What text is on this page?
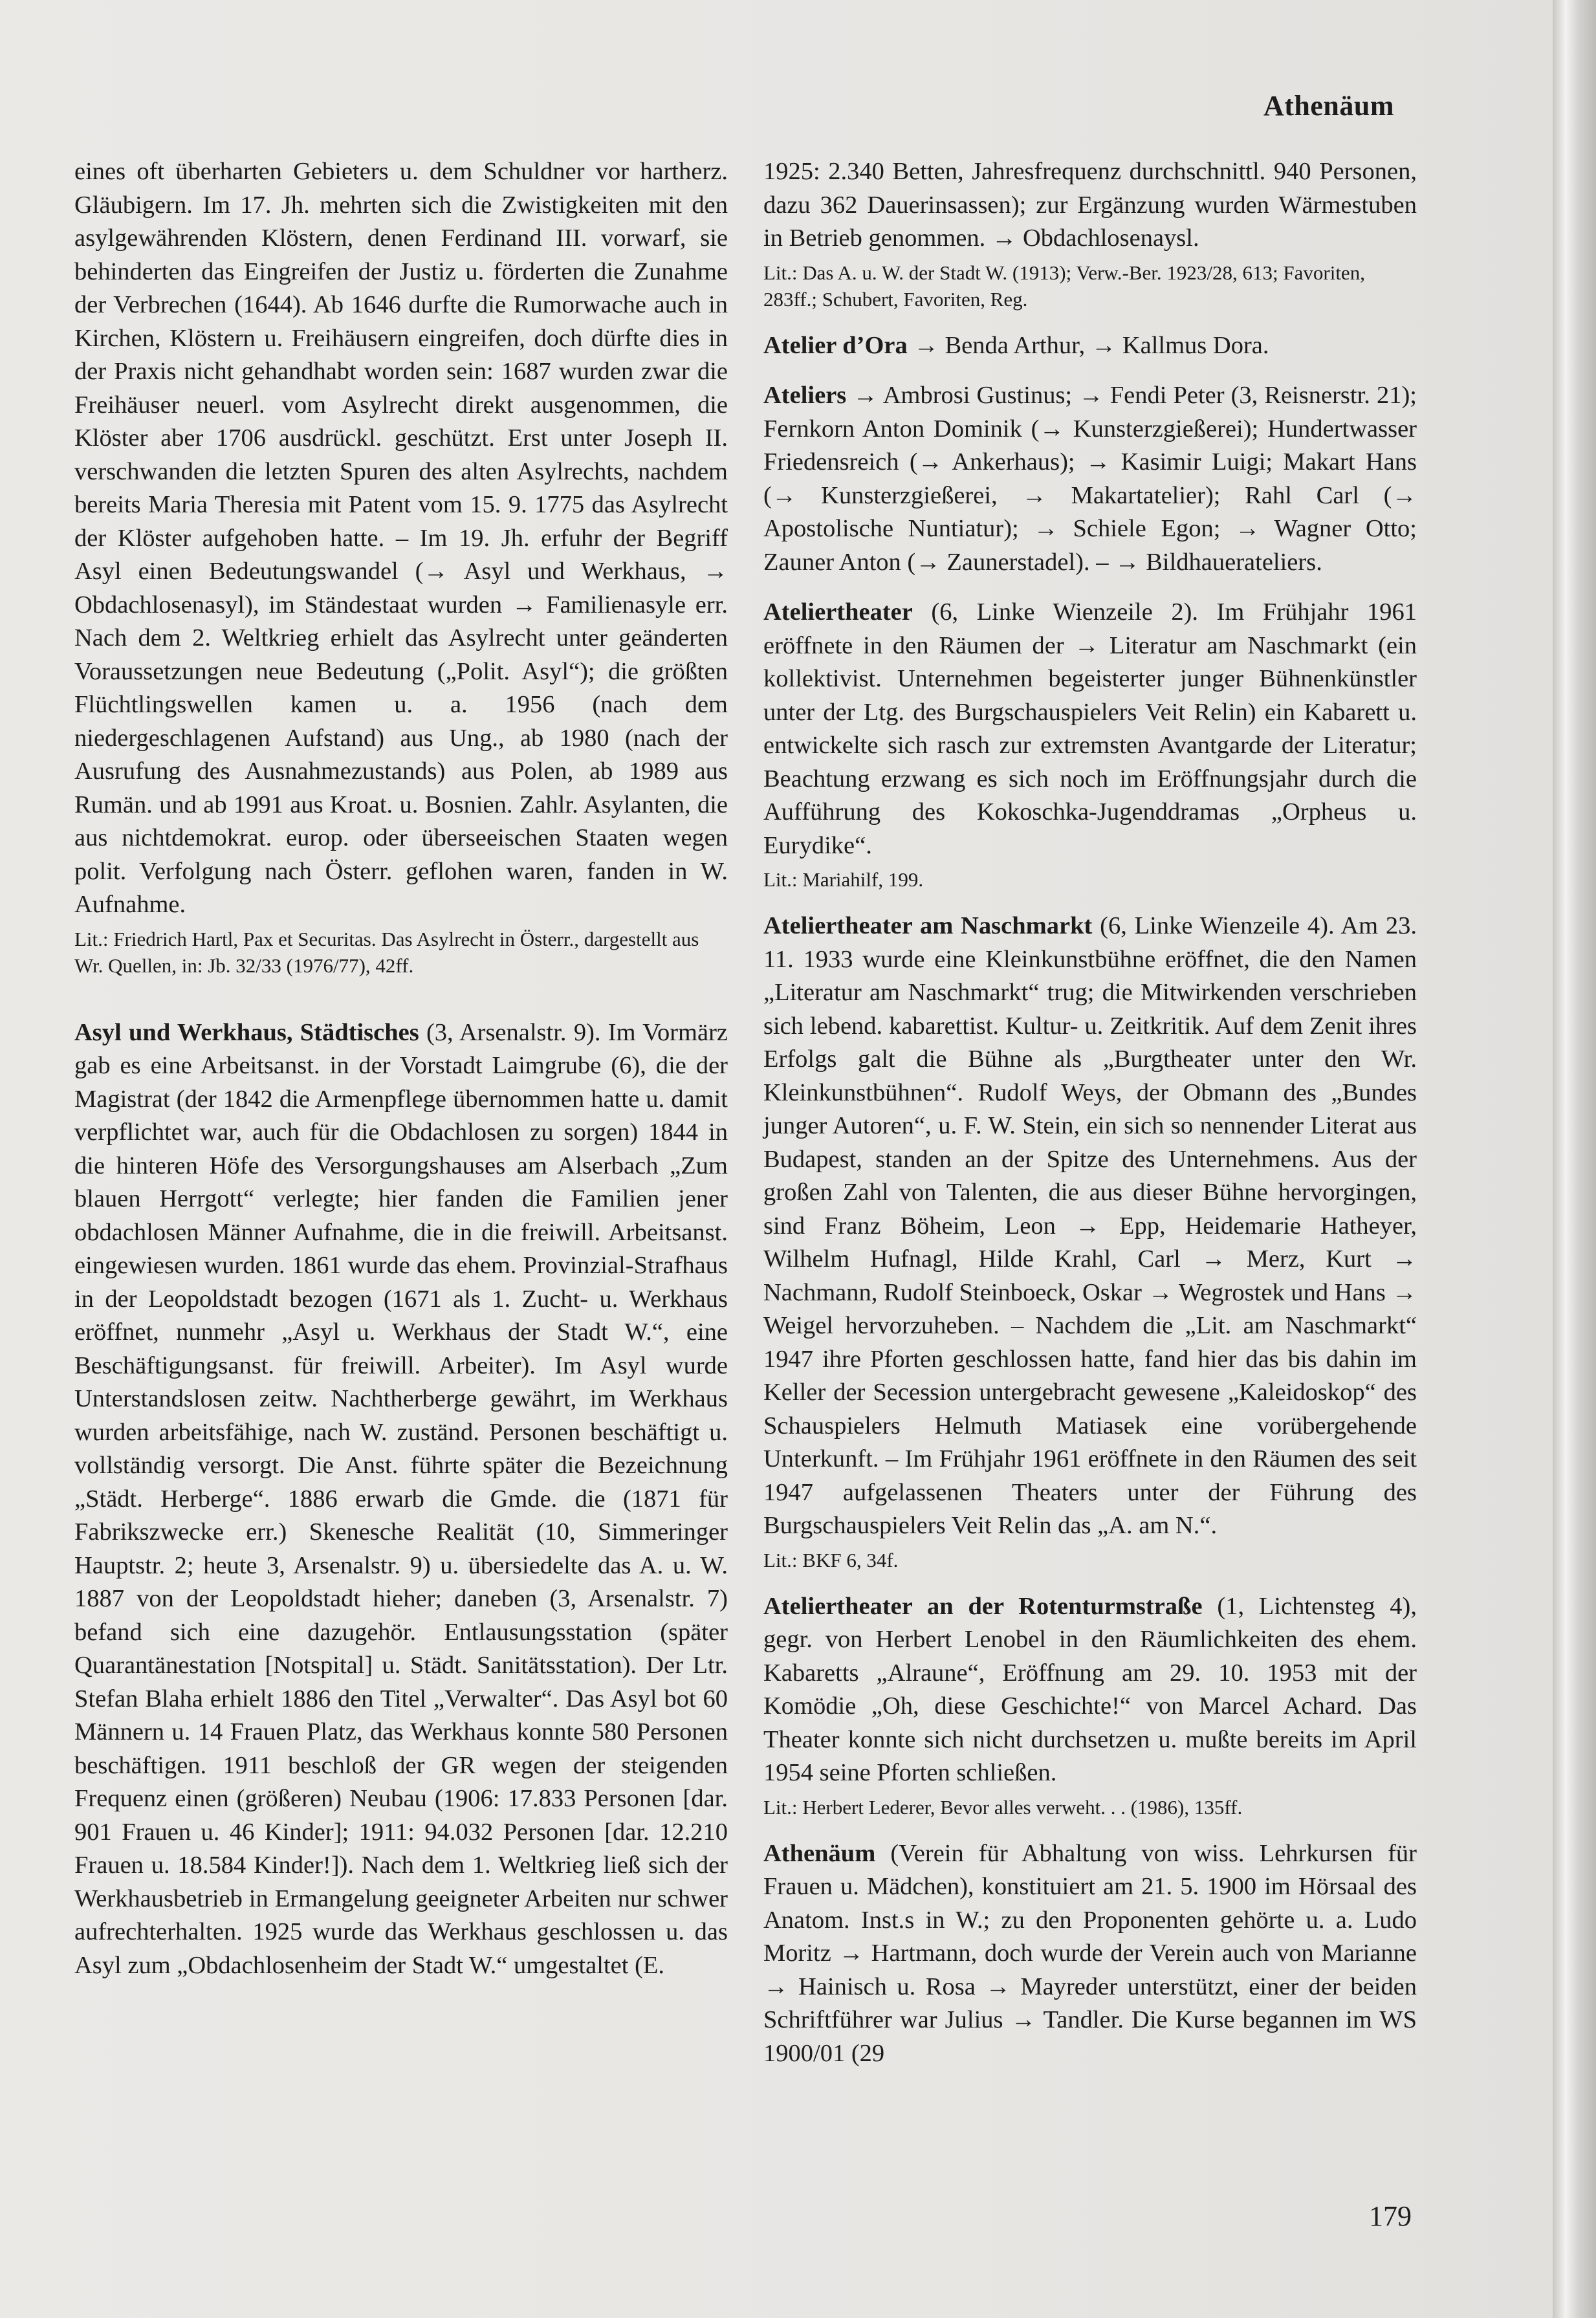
Athenäum

eines oft überharten Gebieters u. dem Schuldner vor hartherz. Gläubigern. Im 17. Jh. mehrten sich die Zwistigkeiten mit den asylgewährenden Klöstern, denen Ferdinand III. vorwarf, sie behinderten das Eingreifen der Justiz u. förderten die Zunahme der Verbrechen (1644). Ab 1646 durfte die Rumorwache auch in Kirchen, Klöstern u. Freihäusern eingreifen, doch dürfte dies in der Praxis nicht gehandhabt worden sein: 1687 wurden zwar die Freihäuser neuerl. vom Asylrecht direkt ausgenommen, die Klöster aber 1706 ausdrückl. geschützt. Erst unter Joseph II. verschwanden die letzten Spuren des alten Asylrechts, nachdem bereits Maria Theresia mit Patent vom 15. 9. 1775 das Asylrecht der Klöster aufgehoben hatte. – Im 19. Jh. erfuhr der Begriff Asyl einen Bedeutungswandel (→ Asyl und Werkhaus, → Obdachlosenasyl), im Ständestaat wurden → Familienasyle err. Nach dem 2. Weltkrieg erhielt das Asylrecht unter geänderten Voraussetzungen neue Bedeutung („Polit. Asyl“); die größten Flüchtlingswellen kamen u. a. 1956 (nach dem niedergeschlagenen Aufstand) aus Ung., ab 1980 (nach der Ausrufung des Ausnahmezustands) aus Polen, ab 1989 aus Rumän. und ab 1991 aus Kroat. u. Bosnien. Zahlr. Asylanten, die aus nichtdemokrat. europ. oder überseeischen Staaten wegen polit. Verfolgung nach Österr. geflohen waren, fanden in W. Aufnahme.

Lit.: Friedrich Hartl, Pax et Securitas. Das Asylrecht in Österr., dargestellt aus Wr. Quellen, in: Jb. 32/33 (1976/77), 42ff.

Asyl und Werkhaus, Städtisches (3, Arsenalstr. 9). Im Vormärz gab es eine Arbeitsanst. in der Vorstadt Laimgrube (6), die der Magistrat (der 1842 die Armenpflege übernommen hatte u. damit verpflichtet war, auch für die Obdachlosen zu sorgen) 1844 in die hinteren Höfe des Versorgungshauses am Alserbach „Zum blauen Herrgott“ verlegte; hier fanden die Familien jener obdachlosen Männer Aufnahme, die in die freiwill. Arbeitsanst. eingewiesen wurden. 1861 wurde das ehem. Provinzial-Strafhaus in der Leopoldstadt bezogen (1671 als 1. Zucht- u. Werkhaus eröffnet, nunmehr „Asyl u. Werkhaus der Stadt W.“, eine Beschäftigungsanst. für freiwill. Arbeiter). Im Asyl wurde Unterstandslosen zeitw. Nachtherberge gewährt, im Werkhaus wurden arbeitsfähige, nach W. zuständ. Personen beschäftigt u. vollständig versorgt. Die Anst. führte später die Bezeichnung „Städt. Herberge“. 1886 erwarb die Gmde. die (1871 für Fabrikszwecke err.) Skenesche Realität (10, Simmeringer Hauptstr. 2; heute 3, Arsenalstr. 9) u. übersiedelte das A. u. W. 1887 von der Leopoldstadt hieher; daneben (3, Arsenalstr. 7) befand sich eine dazugehör. Entlausungsstation (später Quarantänestation [Notspital] u. Städt. Sanitätsstation). Der Ltr. Stefan Blaha erhielt 1886 den Titel „Verwalter“. Das Asyl bot 60 Männern u. 14 Frauen Platz, das Werkhaus konnte 580 Personen beschäftigen. 1911 beschloß der GR wegen der steigenden Frequenz einen (größeren) Neubau (1906: 17.833 Personen [dar. 901 Frauen u. 46 Kinder]; 1911: 94.032 Personen [dar. 12.210 Frauen u. 18.584 Kinder!]). Nach dem 1. Weltkrieg ließ sich der Werkhausbetrieb in Ermangelung geeigneter Arbeiten nur schwer aufrechterhalten. 1925 wurde das Werkhaus geschlossen u. das Asyl zum „Obdachlosenheim der Stadt W.“ umgestaltet (E.

1925: 2.340 Betten, Jahresfrequenz durchschnittl. 940 Personen, dazu 362 Dauerinsassen); zur Ergänzung wurden Wärmestuben in Betrieb genommen. → Obdachlosenaysl.

Lit.: Das A. u. W. der Stadt W. (1913); Verw.-Ber. 1923/28, 613; Favoriten, 283ff.; Schubert, Favoriten, Reg.

Atelier d’Ora → Benda Arthur, → Kallmus Dora.

Ateliers → Ambrosi Gustinus; → Fendi Peter (3, Reisnerstr. 21); Fernkorn Anton Dominik (→ Kunsterzgießerei); Hundertwasser Friedensreich (→ Ankerhaus); → Kasimir Luigi; Makart Hans (→ Kunsterzgießerei, → Makartatelier); Rahl Carl (→ Apostolische Nuntiatur); → Schiele Egon; → Wagner Otto; Zauner Anton (→ Zaunerstadel). – → Bildhauerateliers.

Ateliertheater (6, Linke Wienzeile 2). Im Frühjahr 1961 eröffnete in den Räumen der → Literatur am Naschmarkt (ein kollektivist. Unternehmen begeisterter junger Bühnenkünstler unter der Ltg. des Burgschauspielers Veit Relin) ein Kabarett u. entwickelte sich rasch zur extremsten Avantgarde der Literatur; Beachtung erzwang es sich noch im Eröffnungsjahr durch die Aufführung des Kokoschka-Jugenddramas „Orpheus u. Eurydike“.

Lit.: Mariahilf, 199.

Ateliertheater am Naschmarkt (6, Linke Wienzeile 4). Am 23. 11. 1933 wurde eine Kleinkunstbühne eröffnet, die den Namen „Literatur am Naschmarkt“ trug; die Mitwirkenden verschrieben sich lebend. kabarettist. Kultur- u. Zeitkritik. Auf dem Zenit ihres Erfolgs galt die Bühne als „Burgtheater unter den Wr. Kleinkunstbühnen“. Rudolf Weys, der Obmann des „Bundes junger Autoren“, u. F. W. Stein, ein sich so nennender Literat aus Budapest, standen an der Spitze des Unternehmens. Aus der großen Zahl von Talenten, die aus dieser Bühne hervorgingen, sind Franz Böheim, Leon → Epp, Heidemarie Hatheyer, Wilhelm Hufnagl, Hilde Krahl, Carl → Merz, Kurt → Nachmann, Rudolf Steinboeck, Oskar → Wegrostek und Hans → Weigel hervorzuheben. – Nachdem die „Lit. am Naschmarkt“ 1947 ihre Pforten geschlossen hatte, fand hier das bis dahin im Keller der Secession untergebracht gewesene „Kaleidoskop“ des Schauspielers Helmuth Matiasek eine vorübergehende Unterkunft. – Im Frühjahr 1961 eröffnete in den Räumen des seit 1947 aufgelassenen Theaters unter der Führung des Burgschauspielers Veit Relin das „A. am N.“.

Lit.: BKF 6, 34f.

Ateliertheater an der Rotenturmstraße (1, Lichtensteg 4), gegr. von Herbert Lenobel in den Räumlichkeiten des ehem. Kabaretts „Alraune“, Eröffnung am 29. 10. 1953 mit der Komödie „Oh, diese Geschichte!“ von Marcel Achard. Das Theater konnte sich nicht durchsetzen u. mußte bereits im April 1954 seine Pforten schließen.

Lit.: Herbert Lederer, Bevor alles verweht. . . (1986), 135ff.

Athenäum (Verein für Abhaltung von wiss. Lehrkursen für Frauen u. Mädchen), konstituiert am 21. 5. 1900 im Hörsaal des Anatom. Inst.s in W.; zu den Proponenten gehörte u. a. Ludo Moritz → Hartmann, doch wurde der Verein auch von Marianne → Hainisch u. Rosa → Mayreder unterstützt, einer der beiden Schriftführer war Julius → Tandler. Die Kurse begannen im WS 1900/01 (29

179
